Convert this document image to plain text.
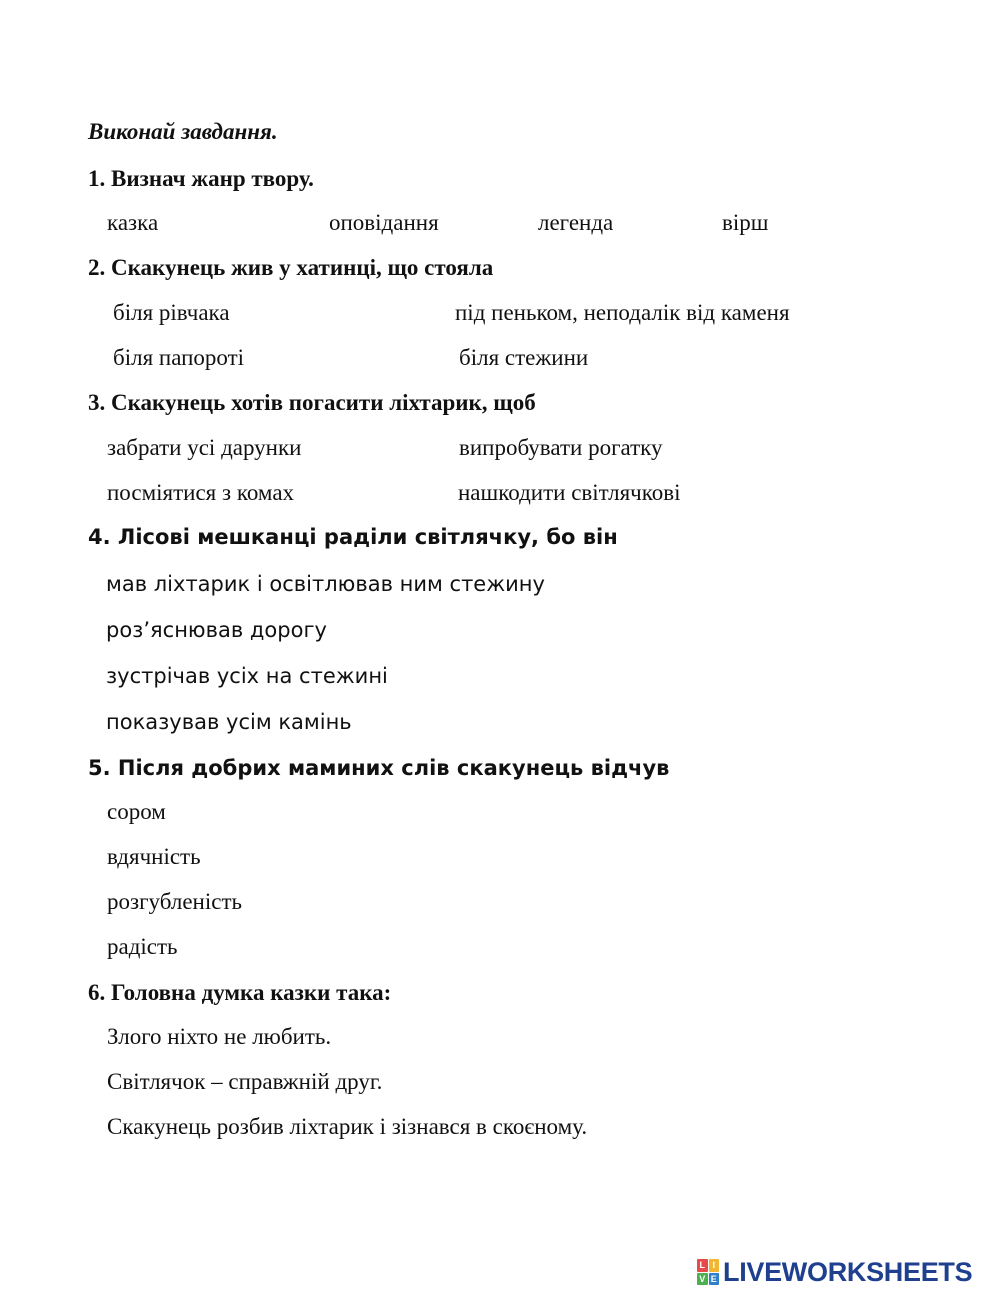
Виконай завдання.
1. Визнач жанр твору.
казка	оповідання	легенда	вірш
2. Скакунець жив у хатинці, що стояла
біля рівчака	під пеньком, неподалік від каменя
біля папороті	біля стежини
3. Скакунець хотів погасити ліхтарик, щоб
забрати усі дарунки	випробувати рогатку
посміятися з комах	нашкодити світлячкові
4. Лісові мешканці раділи світлячку, бо він
мав ліхтарик і освітлював ним стежину
роз’яснював дорогу
зустрічав усіх на стежині
показував усім камінь
5. Після добрих маминих слів скакунець відчув
сором
вдячність
розгубленість
радість
6. Головна думка казки така:
Злого ніхто не любить.
Світлячок – справжній друг.
Скакунець розбив ліхтарик і зізнався в скоєному.
L I
V E LIVEWORKSHEETS
